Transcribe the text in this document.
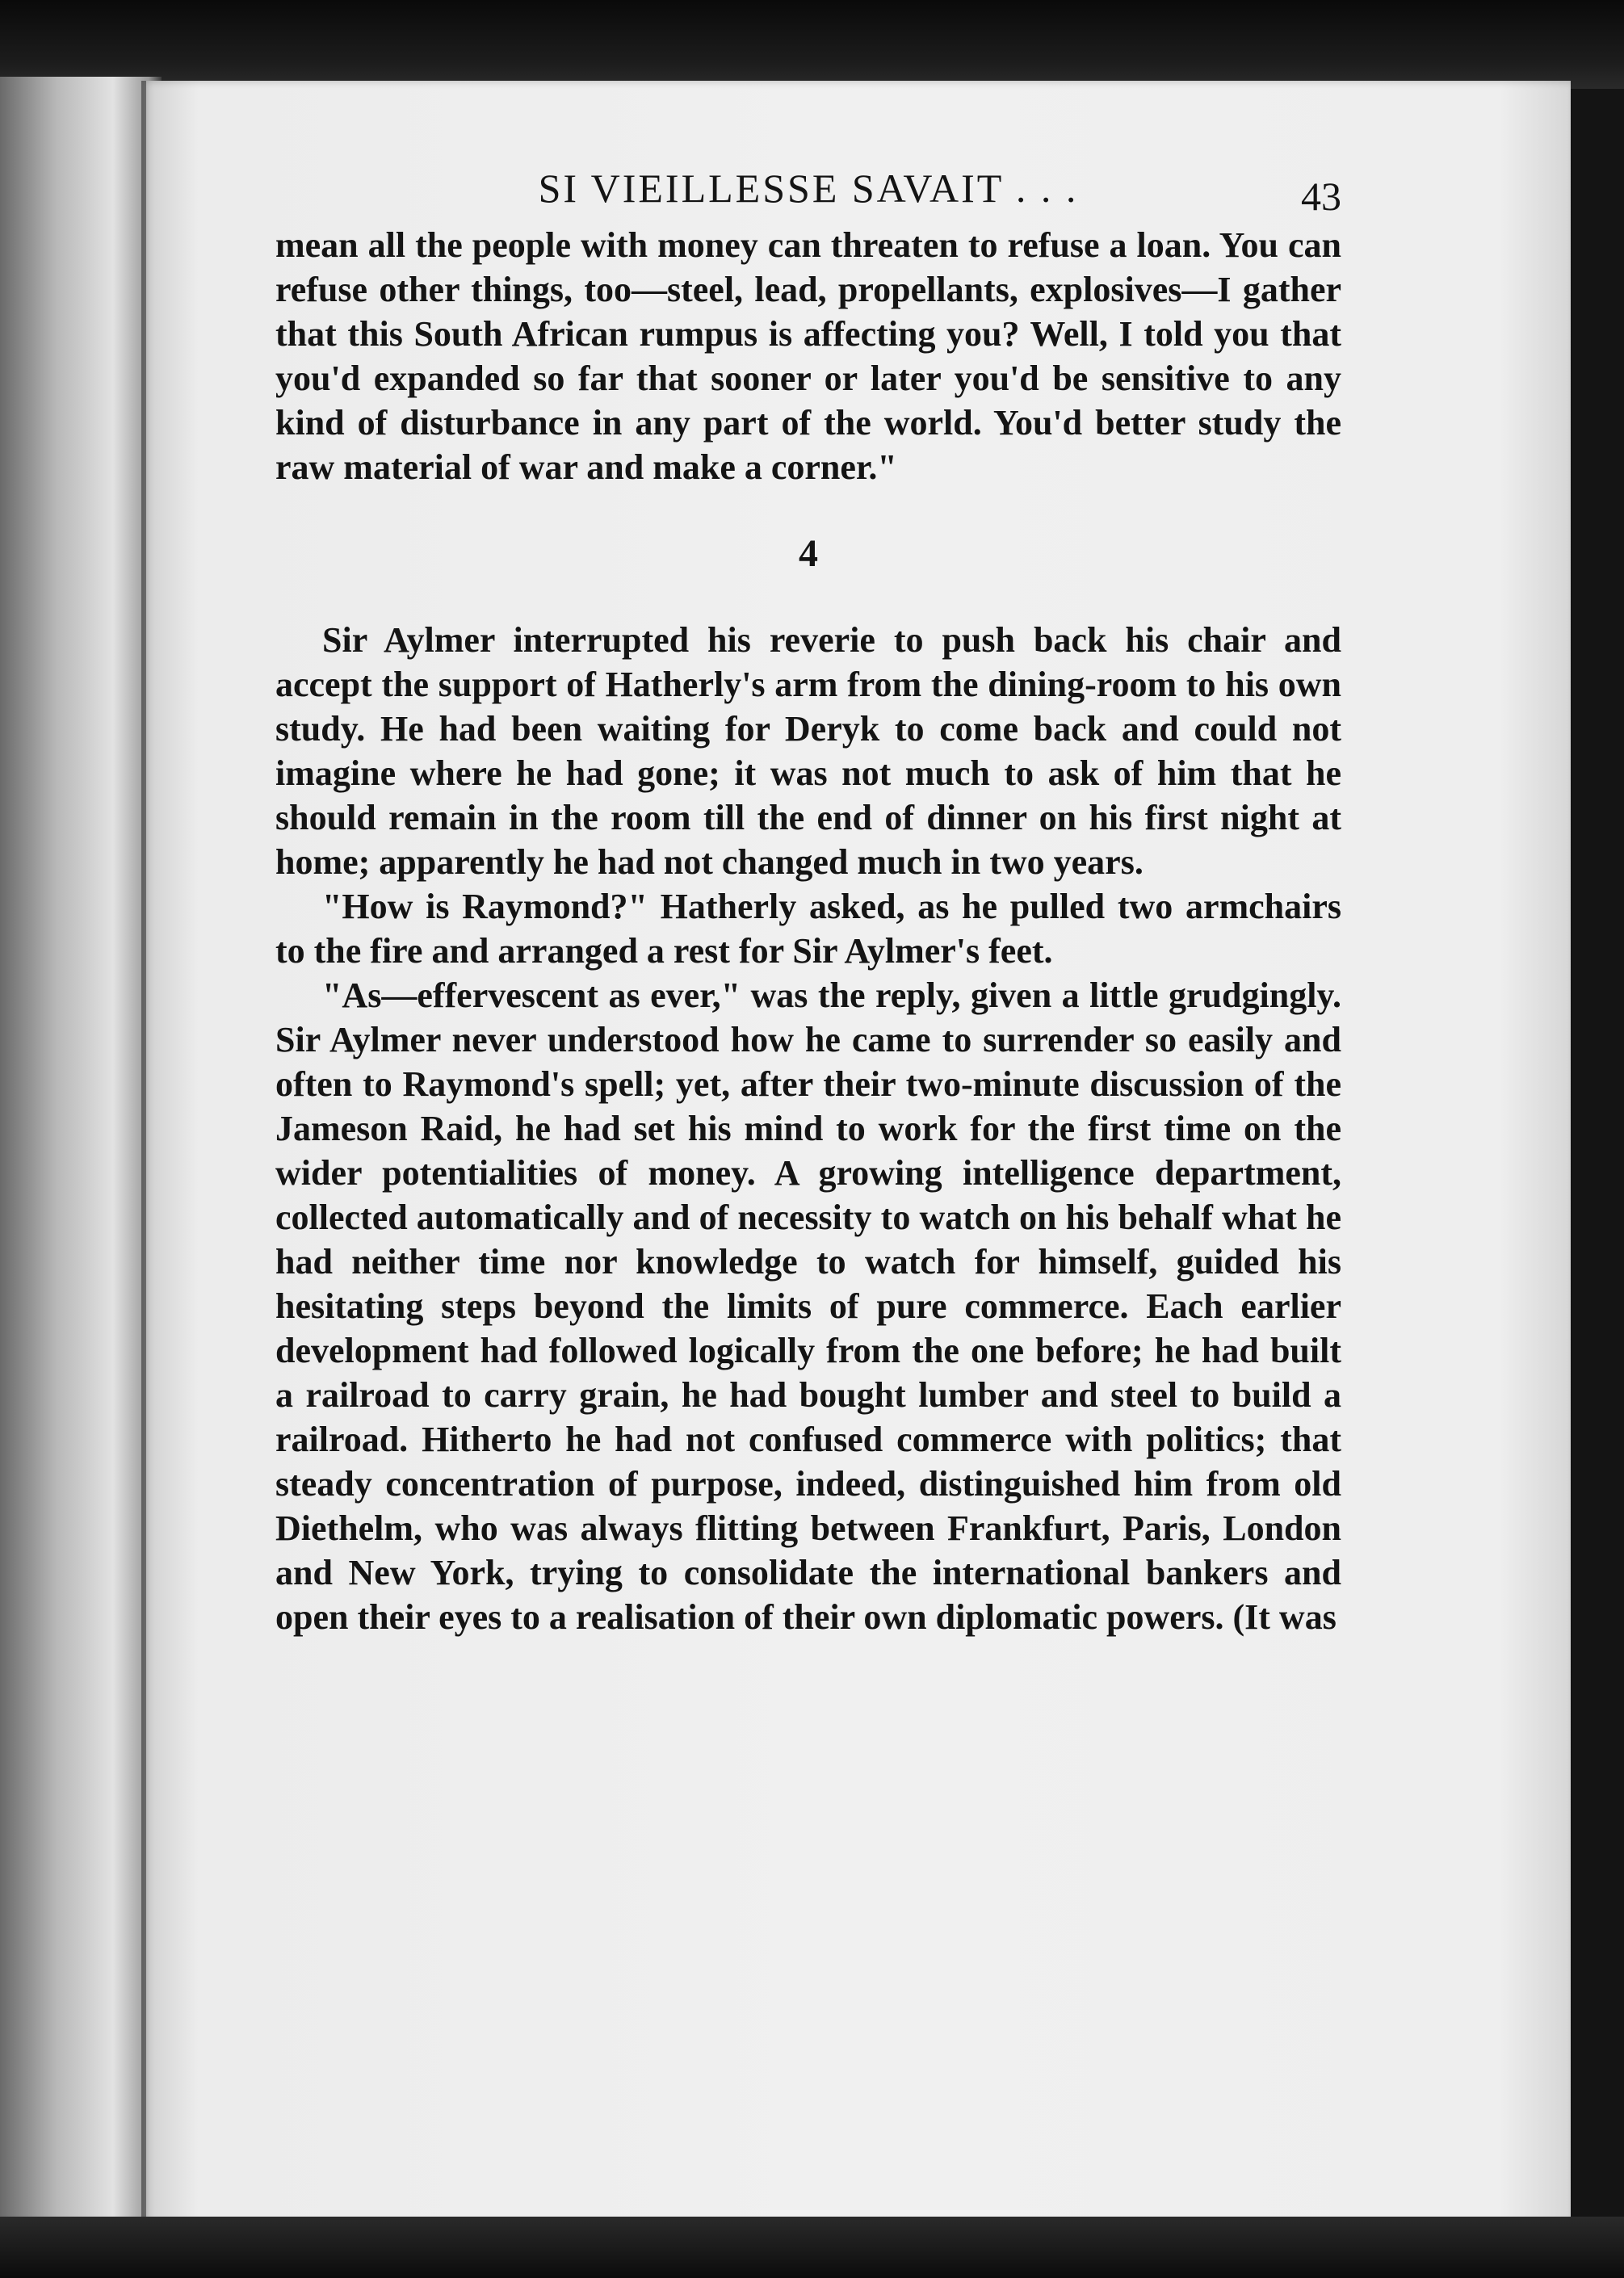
SI VIEILLESSE SAVAIT . . .	43

mean all the people with money can threaten to refuse a loan. You can refuse other things, too—steel, lead, propellants, explosives—I gather that this South African rumpus is affecting you? Well, I told you that you'd expanded so far that sooner or later you'd be sensitive to any kind of disturbance in any part of the world. You'd better study the raw material of war and make a corner."

4

Sir Aylmer interrupted his reverie to push back his chair and accept the support of Hatherly's arm from the dining-room to his own study. He had been waiting for Deryk to come back and could not imagine where he had gone; it was not much to ask of him that he should remain in the room till the end of dinner on his first night at home; apparently he had not changed much in two years.

"How is Raymond?" Hatherly asked, as he pulled two armchairs to the fire and arranged a rest for Sir Aylmer's feet.

"As—effervescent as ever," was the reply, given a little grudgingly. Sir Aylmer never understood how he came to surrender so easily and often to Raymond's spell; yet, after their two-minute discussion of the Jameson Raid, he had set his mind to work for the first time on the wider potentialities of money. A growing intelligence department, collected automatically and of necessity to watch on his behalf what he had neither time nor knowledge to watch for himself, guided his hesitating steps beyond the limits of pure commerce. Each earlier development had followed logically from the one before; he had built a railroad to carry grain, he had bought lumber and steel to build a railroad. Hitherto he had not confused commerce with politics; that steady concentration of purpose, indeed, distinguished him from old Diethelm, who was always flitting between Frankfurt, Paris, London and New York, trying to consolidate the international bankers and open their eyes to a realisation of their own diplomatic powers. (It was
